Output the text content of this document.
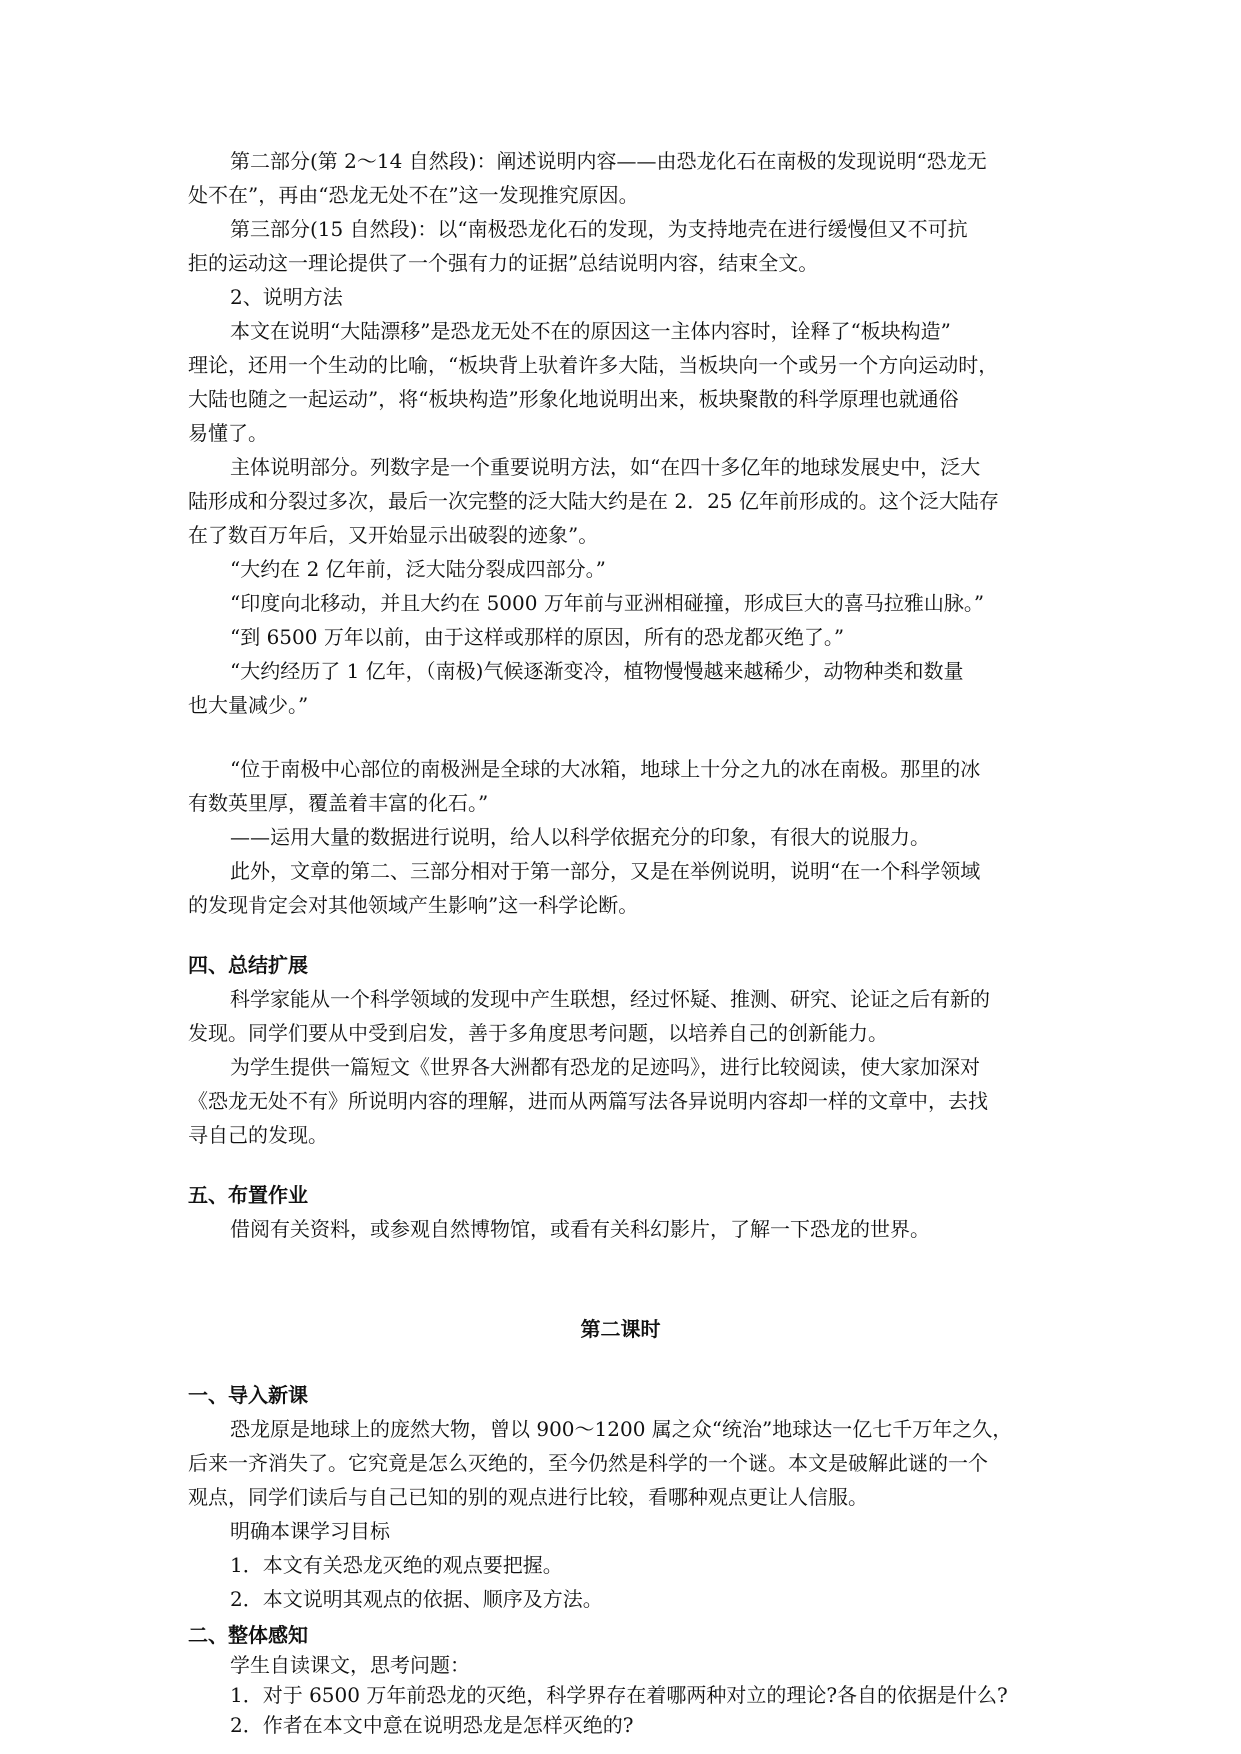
第二部分(第 2～14 自然段)：阐述说明内容——由恐龙化石在南极的发现说明“恐龙无
处不在”，再由“恐龙无处不在”这一发现推究原因。
第三部分(15 自然段)：以“南极恐龙化石的发现，为支持地壳在进行缓慢但又不可抗
拒的运动这一理论提供了一个强有力的证据”总结说明内容，结束全文。
2、说明方法
本文在说明“大陆漂移”是恐龙无处不在的原因这一主体内容时，诠释了“板块构造”
理论，还用一个生动的比喻，“板块背上驮着许多大陆，当板块向一个或另一个方向运动时，
大陆也随之一起运动”，将“板块构造”形象化地说明出来，板块聚散的科学原理也就通俗
易懂了。
主体说明部分。列数字是一个重要说明方法，如“在四十多亿年的地球发展史中，泛大
陆形成和分裂过多次，最后一次完整的泛大陆大约是在 2．25 亿年前形成的。这个泛大陆存
在了数百万年后，又开始显示出破裂的迹象”。
“大约在 2 亿年前，泛大陆分裂成四部分。”
“印度向北移动，并且大约在 5000 万年前与亚洲相碰撞，形成巨大的喜马拉雅山脉。”
“到 6500 万年以前，由于这样或那样的原因，所有的恐龙都灭绝了。”
“大约经历了 1 亿年，（南极)气候逐渐变冷，植物慢慢越来越稀少，动物种类和数量
也大量减少。”
“位于南极中心部位的南极洲是全球的大冰箱，地球上十分之九的冰在南极。那里的冰
有数英里厚，覆盖着丰富的化石。”
——运用大量的数据进行说明，给人以科学依据充分的印象，有很大的说服力。
此外，文章的第二、三部分相对于第一部分，又是在举例说明，说明“在一个科学领域
的发现肯定会对其他领域产生影响”这一科学论断。
四、总结扩展
科学家能从一个科学领域的发现中产生联想，经过怀疑、推测、研究、论证之后有新的
发现。同学们要从中受到启发，善于多角度思考问题，以培养自己的创新能力。
为学生提供一篇短文《世界各大洲都有恐龙的足迹吗》，进行比较阅读，使大家加深对
《恐龙无处不有》所说明内容的理解，进而从两篇写法各异说明内容却一样的文章中，去找
寻自己的发现。
五、布置作业
借阅有关资料，或参观自然博物馆，或看有关科幻影片，了解一下恐龙的世界。
第二课时
一、导入新课
恐龙原是地球上的庞然大物，曾以 900～1200 属之众“统治”地球达一亿七千万年之久，
后来一齐消失了。它究竟是怎么灭绝的，至今仍然是科学的一个谜。本文是破解此谜的一个
观点，同学们读后与自己已知的别的观点进行比较，看哪种观点更让人信服。
明确本课学习目标
1．本文有关恐龙灭绝的观点要把握。
2．本文说明其观点的依据、顺序及方法。
二、整体感知
学生自读课文，思考问题：
1．对于 6500 万年前恐龙的灭绝，科学界存在着哪两种对立的理论?各自的依据是什么?
2．作者在本文中意在说明恐龙是怎样灭绝的?
